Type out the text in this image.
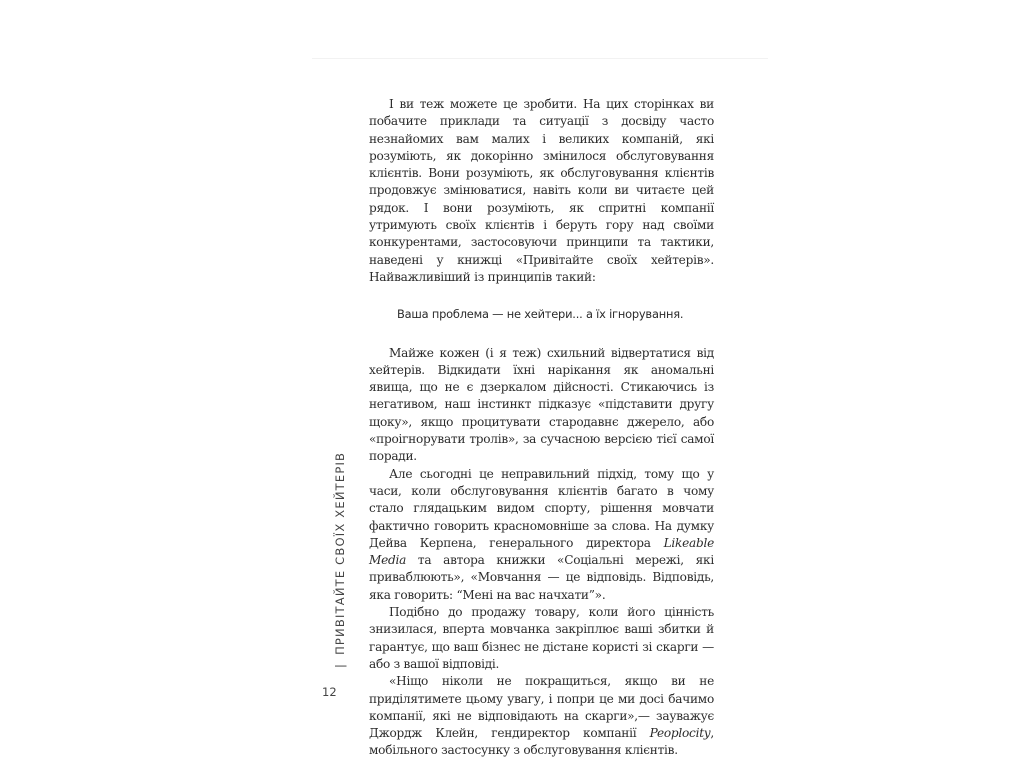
І ви теж можете це зробити. На цих сторінках ви побачите приклади та ситуації з досвіду часто незнайомих вам малих і великих компаній, які розуміють, як докорінно змінилося обслуговування клієнтів. Вони розуміють, як обслуговування клієнтів продовжує змінюватися, навіть коли ви читаєте цей рядок. І вони розуміють, як спритні компанії утримують своїх клієнтів і беруть гору над своїми конкурентами, застосовуючи принципи та тактики, наведені у книжці «Привітайте своїх хейтерів». Найважливіший із принципів такий:

Ваша проблема — не хейтери... а їх ігнорування.

Майже кожен (і я теж) схильний відвертатися від хейтерів. Відкидати їхні нарікання як аномальні явища, що не є дзеркалом дійсності. Стикаючись із негативом, наш інстинкт підказує «підставити другу щоку», якщо процитувати стародавнє джерело, або «проігнорувати тролів», за сучасною версією тієї самої поради.

Але сьогодні це неправильний підхід, тому що у часи, коли обслуговування клієнтів багато в чому стало глядацьким видом спорту, рішення мовчати фактично говорить красномовніше за слова. На думку Дейва Керпена, генерального директора Likeable Media та автора книжки «Соціальні мережі, які приваблюють», «Мовчання — це відповідь. Відповідь, яка говорить: “Мені на вас начхати”».

Подібно до продажу товару, коли його цінність знизилася, вперта мовчанка закріплює ваші збитки й гарантує, що ваш бізнес не дістане користі зі скарги — або з вашої відповіді.

«Ніщо ніколи не покращиться, якщо ви не приділятимете цьому увагу, і попри це ми досі бачимо компанії, які не відповідають на скарги»,— зауважує Джордж Клейн, гендиректор компанії Peoplocity, мобільного застосунку з обслуговування клієнтів.

|ПРИВІТАЙТЕ СВОЇХ ХЕЙТЕРІВ
12
